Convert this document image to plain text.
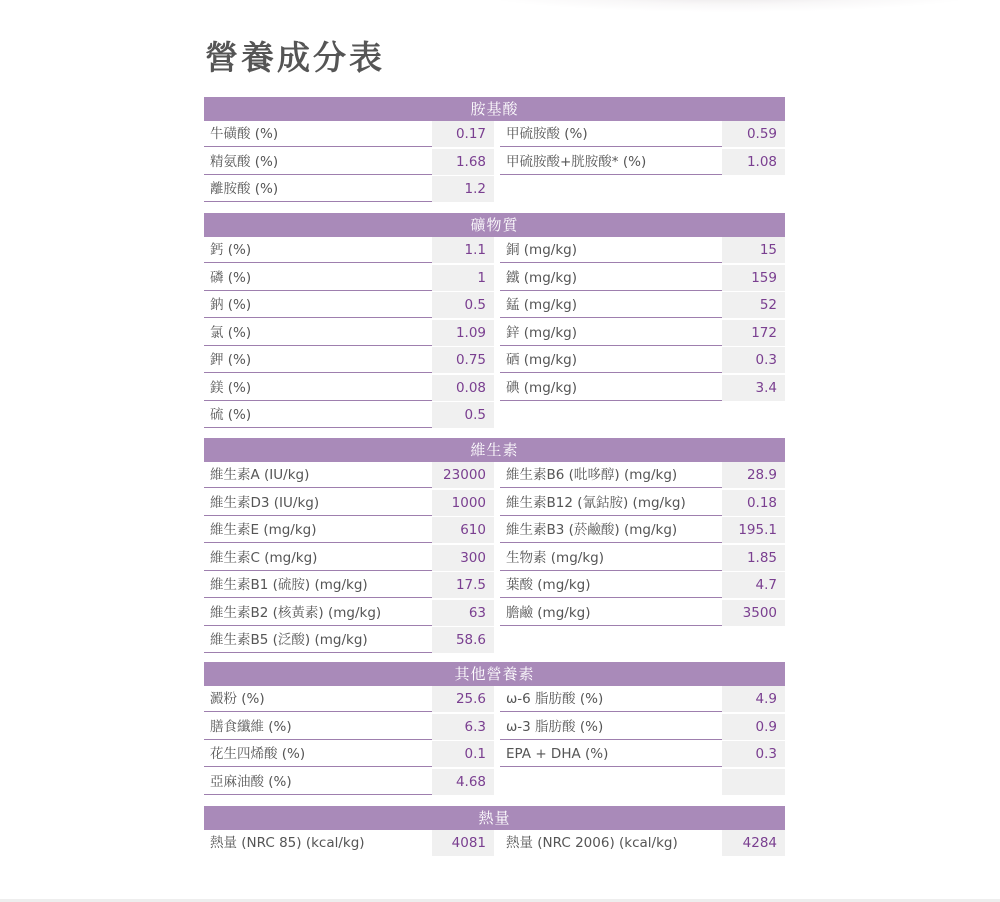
營養成分表
胺基酸
牛磺酸 (%)	0.17	甲硫胺酸 (%)	0.59
精氨酸 (%)	1.68	甲硫胺酸+胱胺酸* (%)	1.08
離胺酸 (%)	1.2
礦物質
鈣 (%)	1.1	銅 (mg/kg)	15
磷 (%)	1	鐵 (mg/kg)	159
鈉 (%)	0.5	錳 (mg/kg)	52
氯 (%)	1.09	鋅 (mg/kg)	172
鉀 (%)	0.75	硒 (mg/kg)	0.3
鎂 (%)	0.08	碘 (mg/kg)	3.4
硫 (%)	0.5
維生素
維生素A (IU/kg)	23000	維生素B6 (吡哆醇) (mg/kg)	28.9
維生素D3 (IU/kg)	1000	維生素B12 (氰鈷胺) (mg/kg)	0.18
維生素E (mg/kg)	610	維生素B3 (菸鹼酸) (mg/kg)	195.1
維生素C (mg/kg)	300	生物素 (mg/kg)	1.85
維生素B1 (硫胺) (mg/kg)	17.5	葉酸 (mg/kg)	4.7
維生素B2 (核黃素) (mg/kg)	63	膽鹼 (mg/kg)	3500
維生素B5 (泛酸) (mg/kg)	58.6
其他營養素
澱粉 (%)	25.6	ω-6 脂肪酸 (%)	4.9
膳食纖維 (%)	6.3	ω-3 脂肪酸 (%)	0.9
花生四烯酸 (%)	0.1	EPA + DHA (%)	0.3
亞麻油酸 (%)	4.68
熱量
熱量 (NRC 85) (kcal/kg)	4081	熱量 (NRC 2006) (kcal/kg)	4284
